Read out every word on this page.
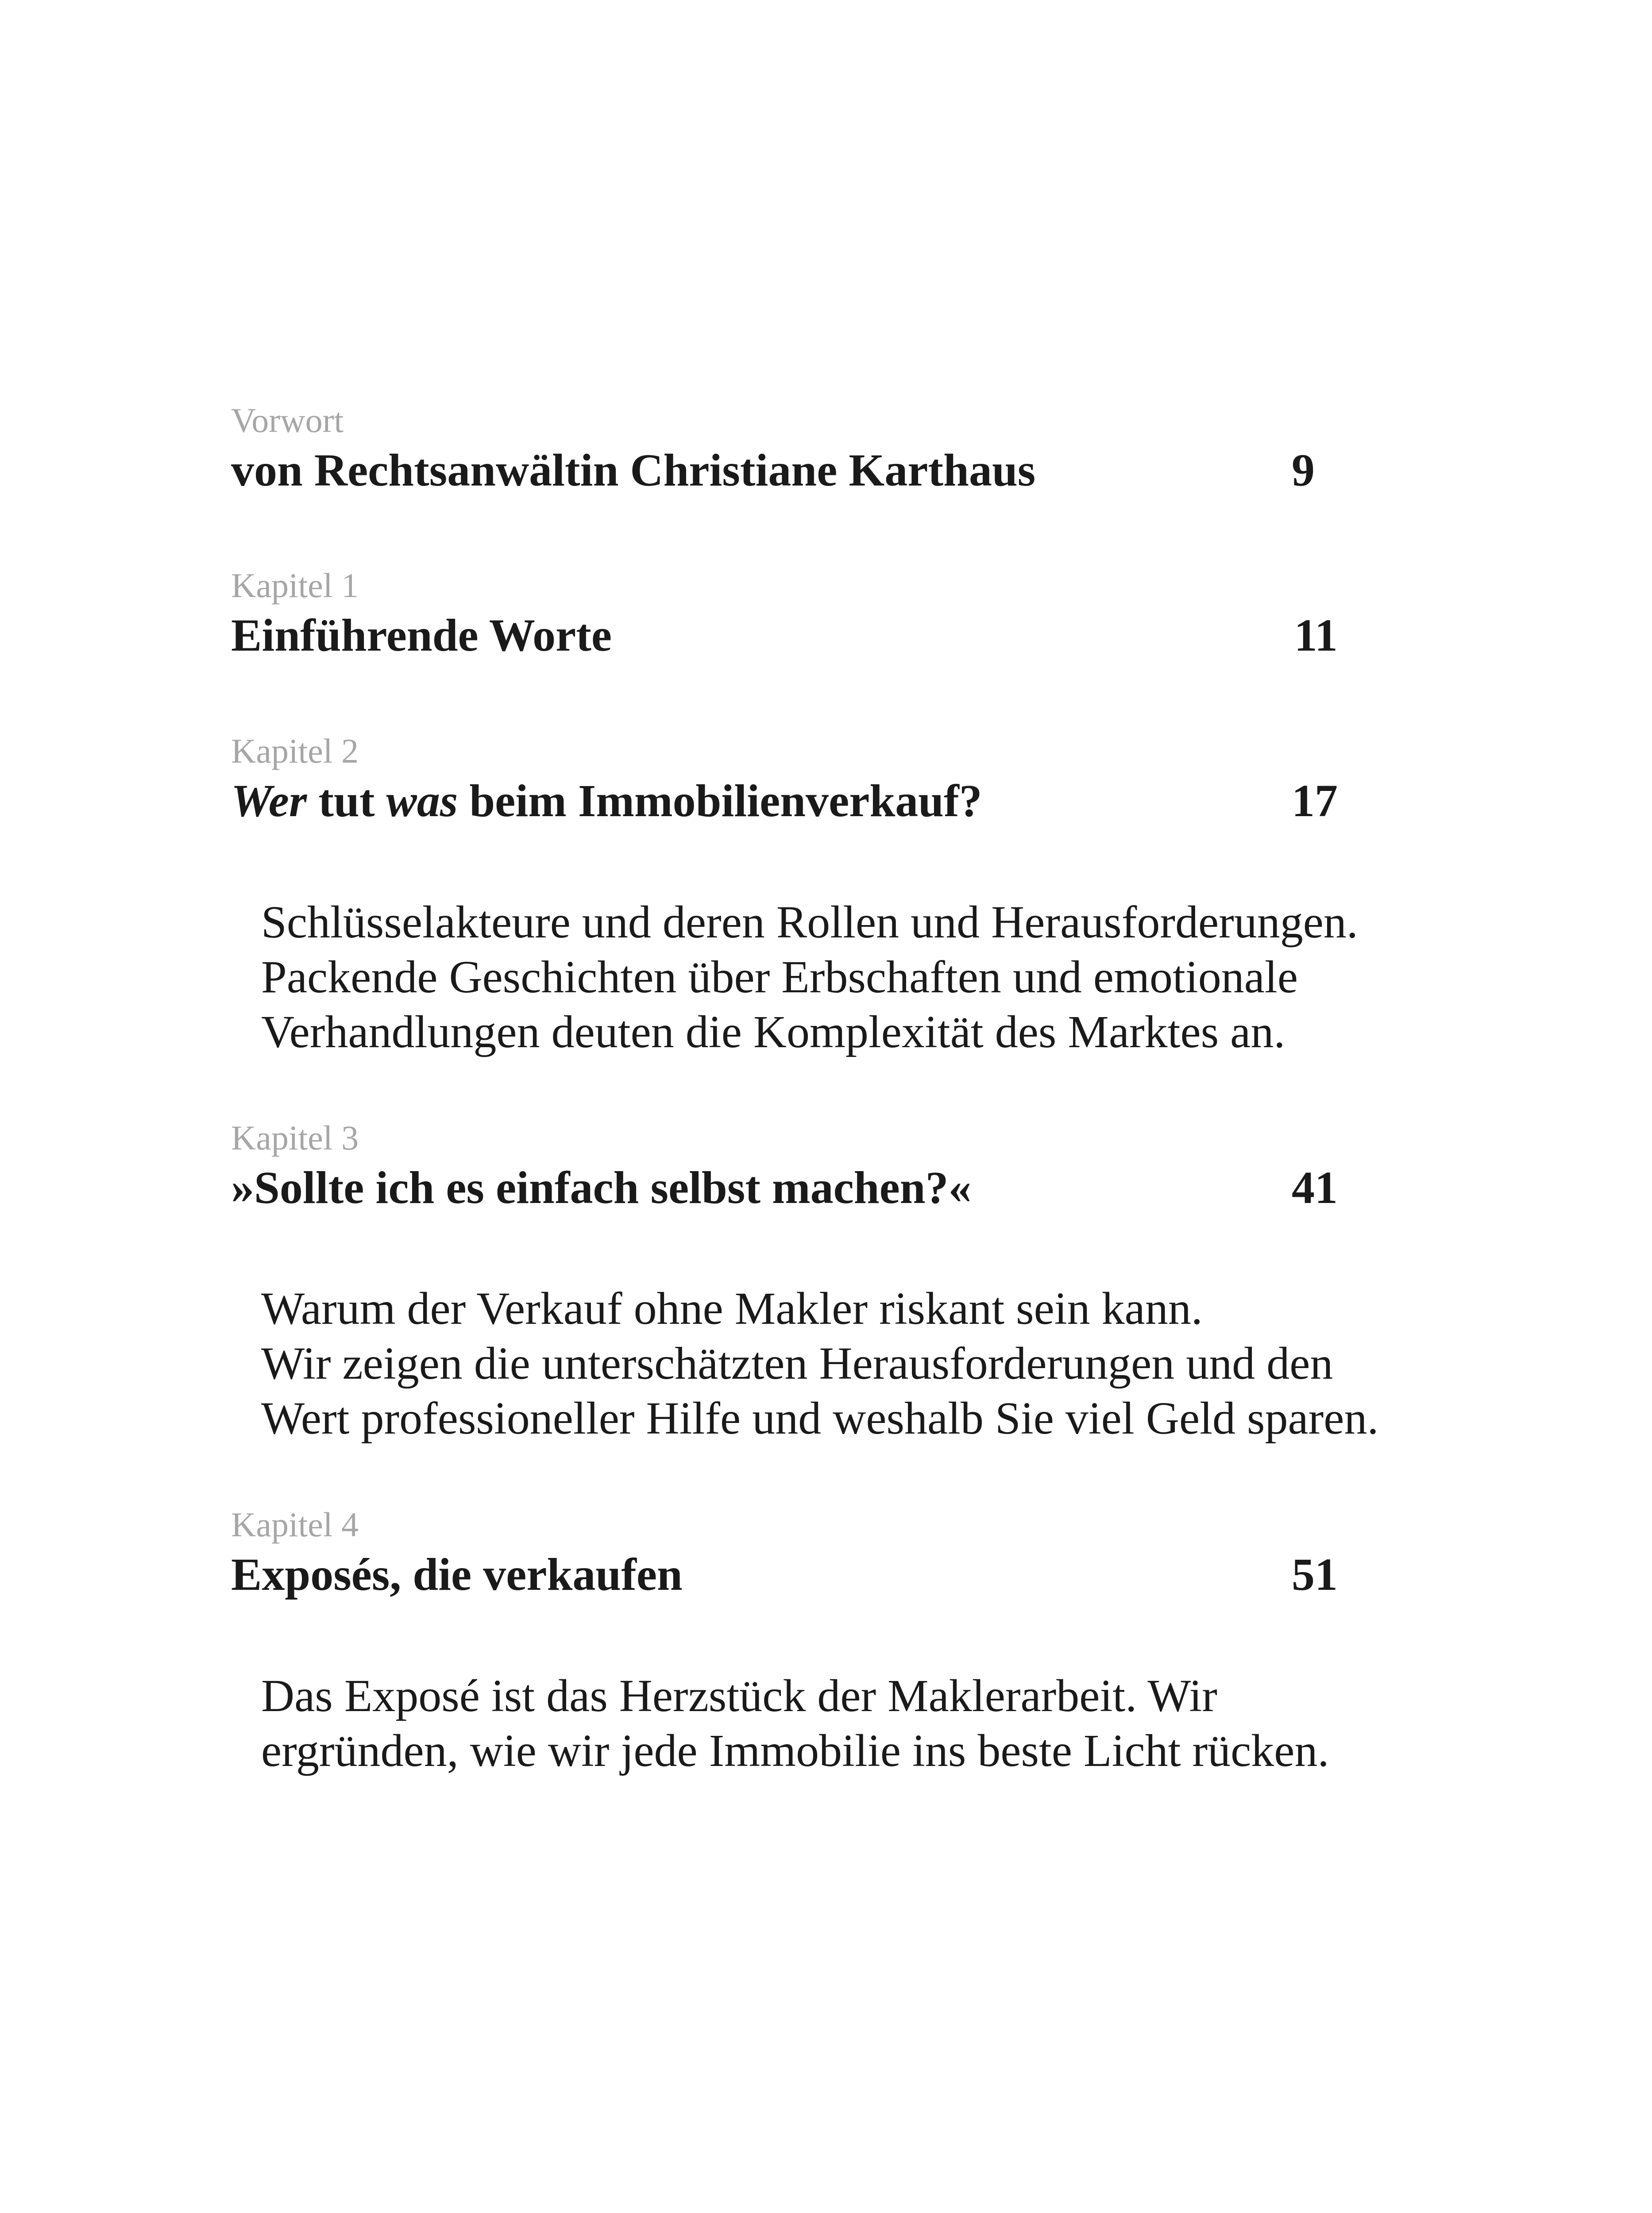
Vorwort
von Rechtsanwältin Christiane Karthaus	9
Kapitel 1
Einführende Worte	11
Kapitel 2
Wer tut was beim Immobilienverkauf?	17
Schlüsselakteure und deren Rollen und Herausforderungen.
Packende Geschichten über Erbschaften und emotionale
Verhandlungen deuten die Komplexität des Marktes an.
Kapitel 3
»Sollte ich es einfach selbst machen?«	41
Warum der Verkauf ohne Makler riskant sein kann.
Wir zeigen die unterschätzten Herausforderungen und den
Wert professioneller Hilfe und weshalb Sie viel Geld sparen.
Kapitel 4
Exposés, die verkaufen	51
Das Exposé ist das Herzstück der Maklerarbeit. Wir
ergründen, wie wir jede Immobilie ins beste Licht rücken.
